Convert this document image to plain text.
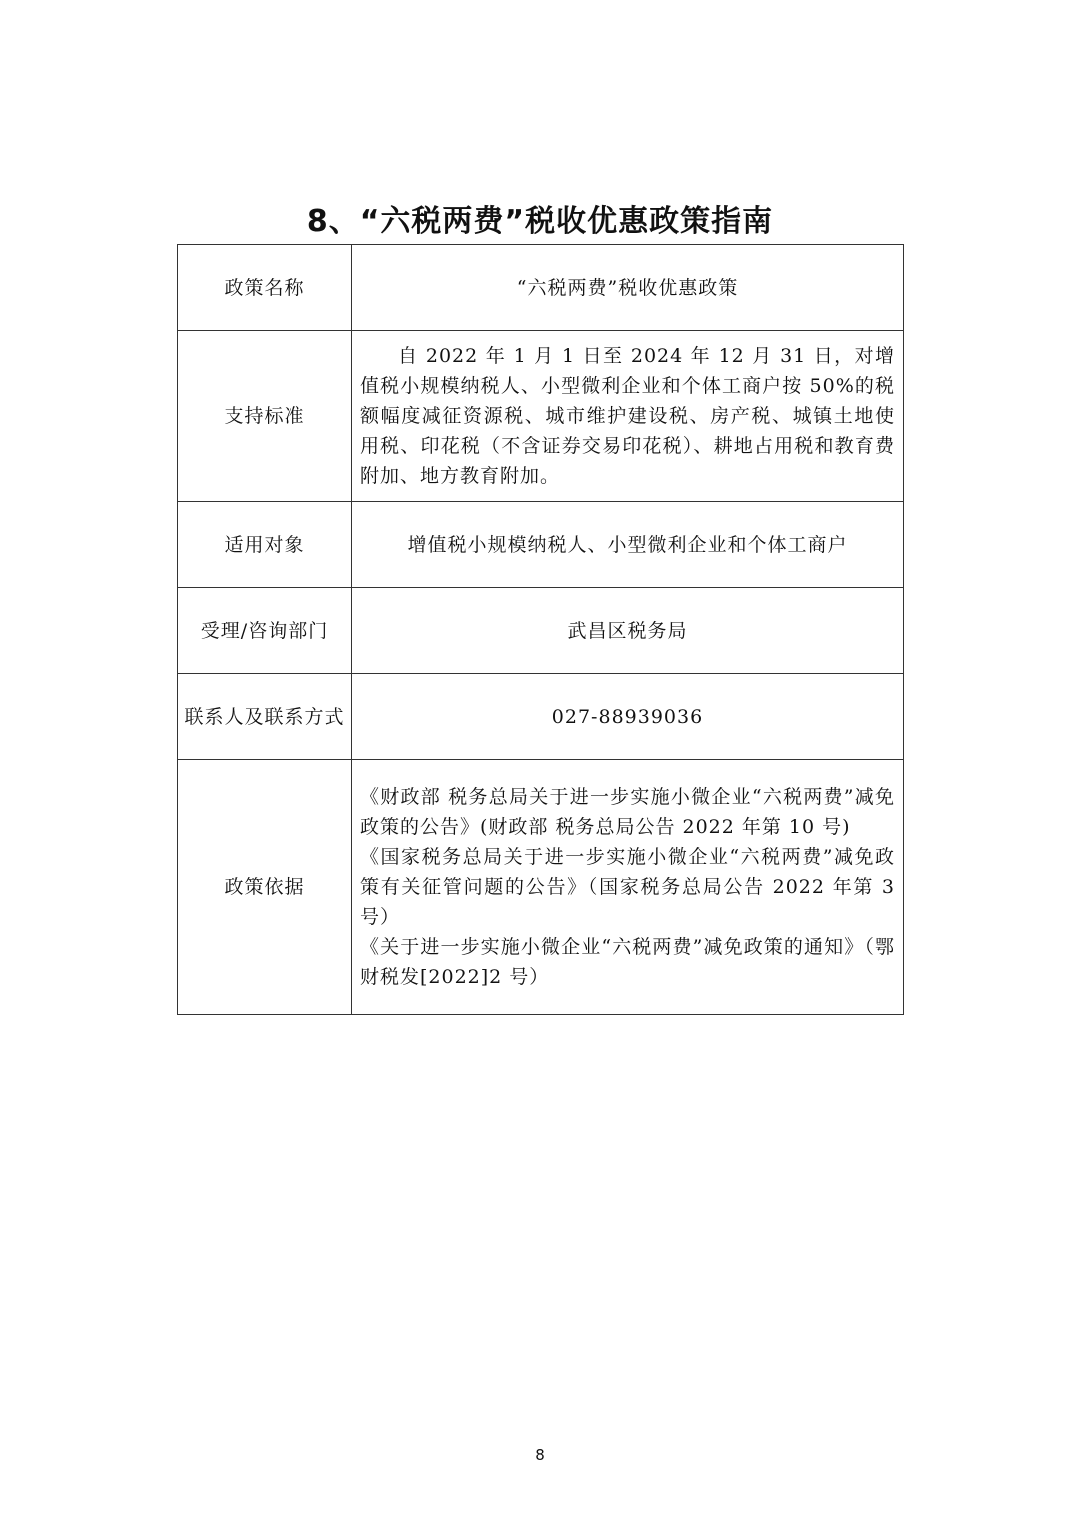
8、“六税两费”税收优惠政策指南
政策名称	“六税两费”税收优惠政策
支持标准	自 2022 年 1 月 1 日至 2024 年 12 月 31 日，对增值税小规模纳税人、小型微利企业和个体工商户按 50%的税额幅度减征资源税、城市维护建设税、房产税、城镇土地使用税、印花税（不含证券交易印花税）、耕地占用税和教育费附加、地方教育附加。

适用对象	增值税小规模纳税人、小型微利企业和个体工商户
受理/咨询部门	武昌区税务局
联系人及联系方式	027-88939036
政策依据	《财政部 税务总局关于进一步实施小微企业“六税两费”减免政策的公告》(财政部 税务总局公告 2022 年第 10 号)
《国家税务总局关于进一步实施小微企业“六税两费”减免政策有关征管问题的公告》（国家税务总局公告 2022 年第 3 号）
《关于进一步实施小微企业“六税两费”减免政策的通知》（鄂财税发[2022]2 号）
8
